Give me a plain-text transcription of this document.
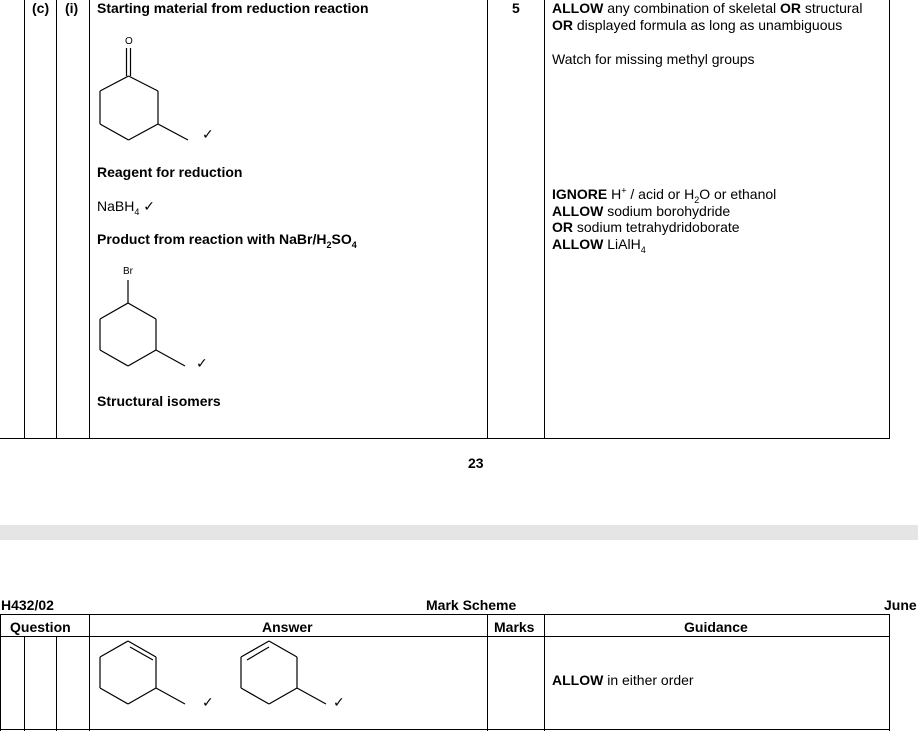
(c) (i) Starting material from reduction reaction
O
✓
Reagent for reduction
NaBH$_4$ ✓
Product from reaction with NaBr/$H_2SO_4$
Br
✓
Structural isomers
5 ALLOW any combination of skeletal OR structural
OR displayed formula as long as unambiguous
Watch for missing methyl groups
IGNORE H+ / acid or $H_2O$ or ethanol
ALLOW sodium borohydride
OR sodium tetrahydridoborate
ALLOW LiAlH$_4$
23
H432/02	Mark Scheme	June
Question	Answer	Marks	Guidance
✓	✓
ALLOW in either order
